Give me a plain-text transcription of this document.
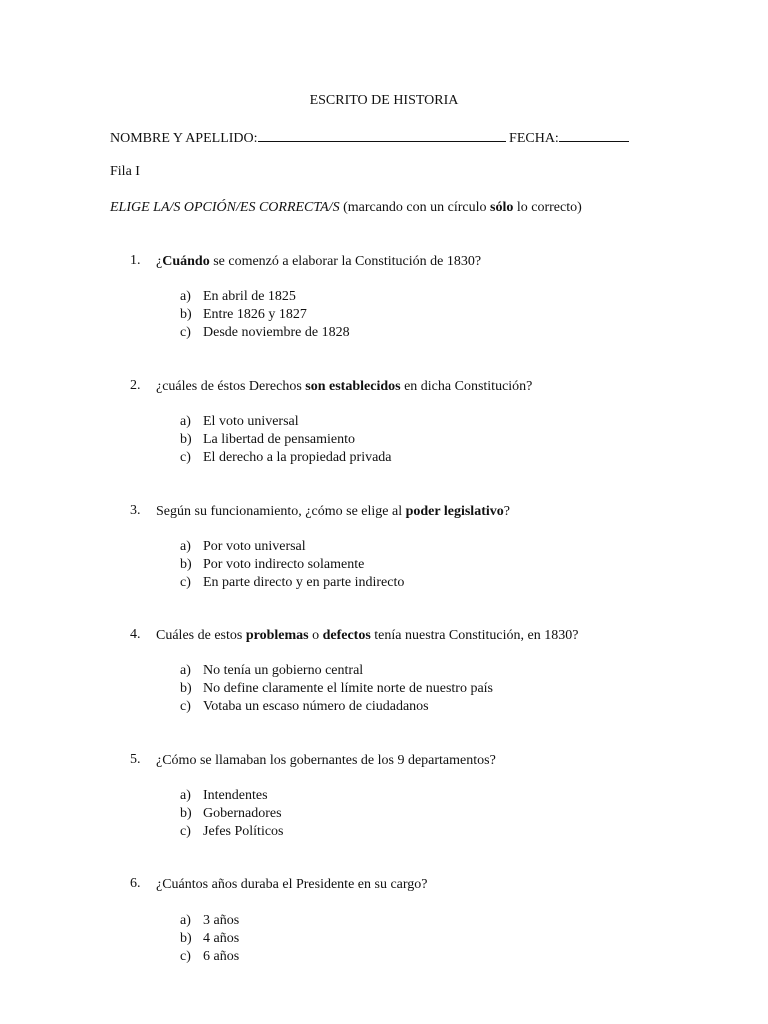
ESCRITO DE HISTORIA
NOMBRE Y APELLIDO:	FECHA:
Fila I
ELIGE LA/S OPCIÓN/ES CORRECTA/S (marcando con un círculo sólo lo correcto)
1. ¿Cuándo se comenzó a elaborar la Constitución de 1830?
a) En abril de 1825
b) Entre 1826 y 1827
c) Desde noviembre de 1828
2. ¿cuáles de éstos Derechos son establecidos en dicha Constitución?
a) El voto universal
b) La libertad de pensamiento
c) El derecho a la propiedad privada
3. Según su funcionamiento, ¿cómo se elige al poder legislativo?
a) Por voto universal
b) Por voto indirecto solamente
c) En parte directo y en parte indirecto
4. Cuáles de estos problemas o defectos tenía nuestra Constitución, en 1830?
a) No tenía un gobierno central
b) No define claramente el límite norte de nuestro país
c) Votaba un escaso número de ciudadanos
5. ¿Cómo se llamaban los gobernantes de los 9 departamentos?
a) Intendentes
b) Gobernadores
c) Jefes Políticos
6. ¿Cuántos años duraba el Presidente en su cargo?
a) 3 años
b) 4 años
c) 6 años
